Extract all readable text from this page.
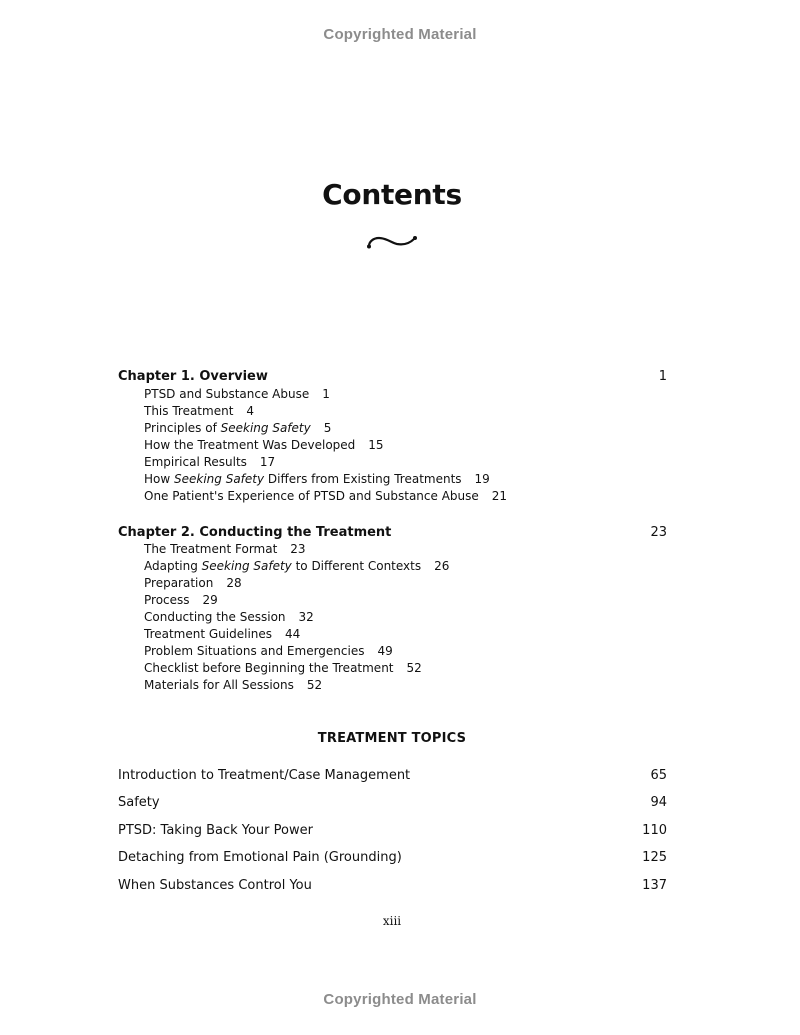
Copyrighted Material
Contents
Chapter 1. Overview	1
PTSD and Substance Abuse 1
This Treatment 4
Principles of Seeking Safety 5
How the Treatment Was Developed 15
Empirical Results 17
How Seeking Safety Differs from Existing Treatments 19
One Patient's Experience of PTSD and Substance Abuse 21
Chapter 2. Conducting the Treatment	23
The Treatment Format 23
Adapting Seeking Safety to Different Contexts 26
Preparation 28
Process 29
Conducting the Session 32
Treatment Guidelines 44
Problem Situations and Emergencies 49
Checklist before Beginning the Treatment 52
Materials for All Sessions 52
TREATMENT TOPICS
Introduction to Treatment/Case Management	65
Safety	94
PTSD: Taking Back Your Power	110
Detaching from Emotional Pain (Grounding)	125
When Substances Control You	137
xiii
Copyrighted Material
